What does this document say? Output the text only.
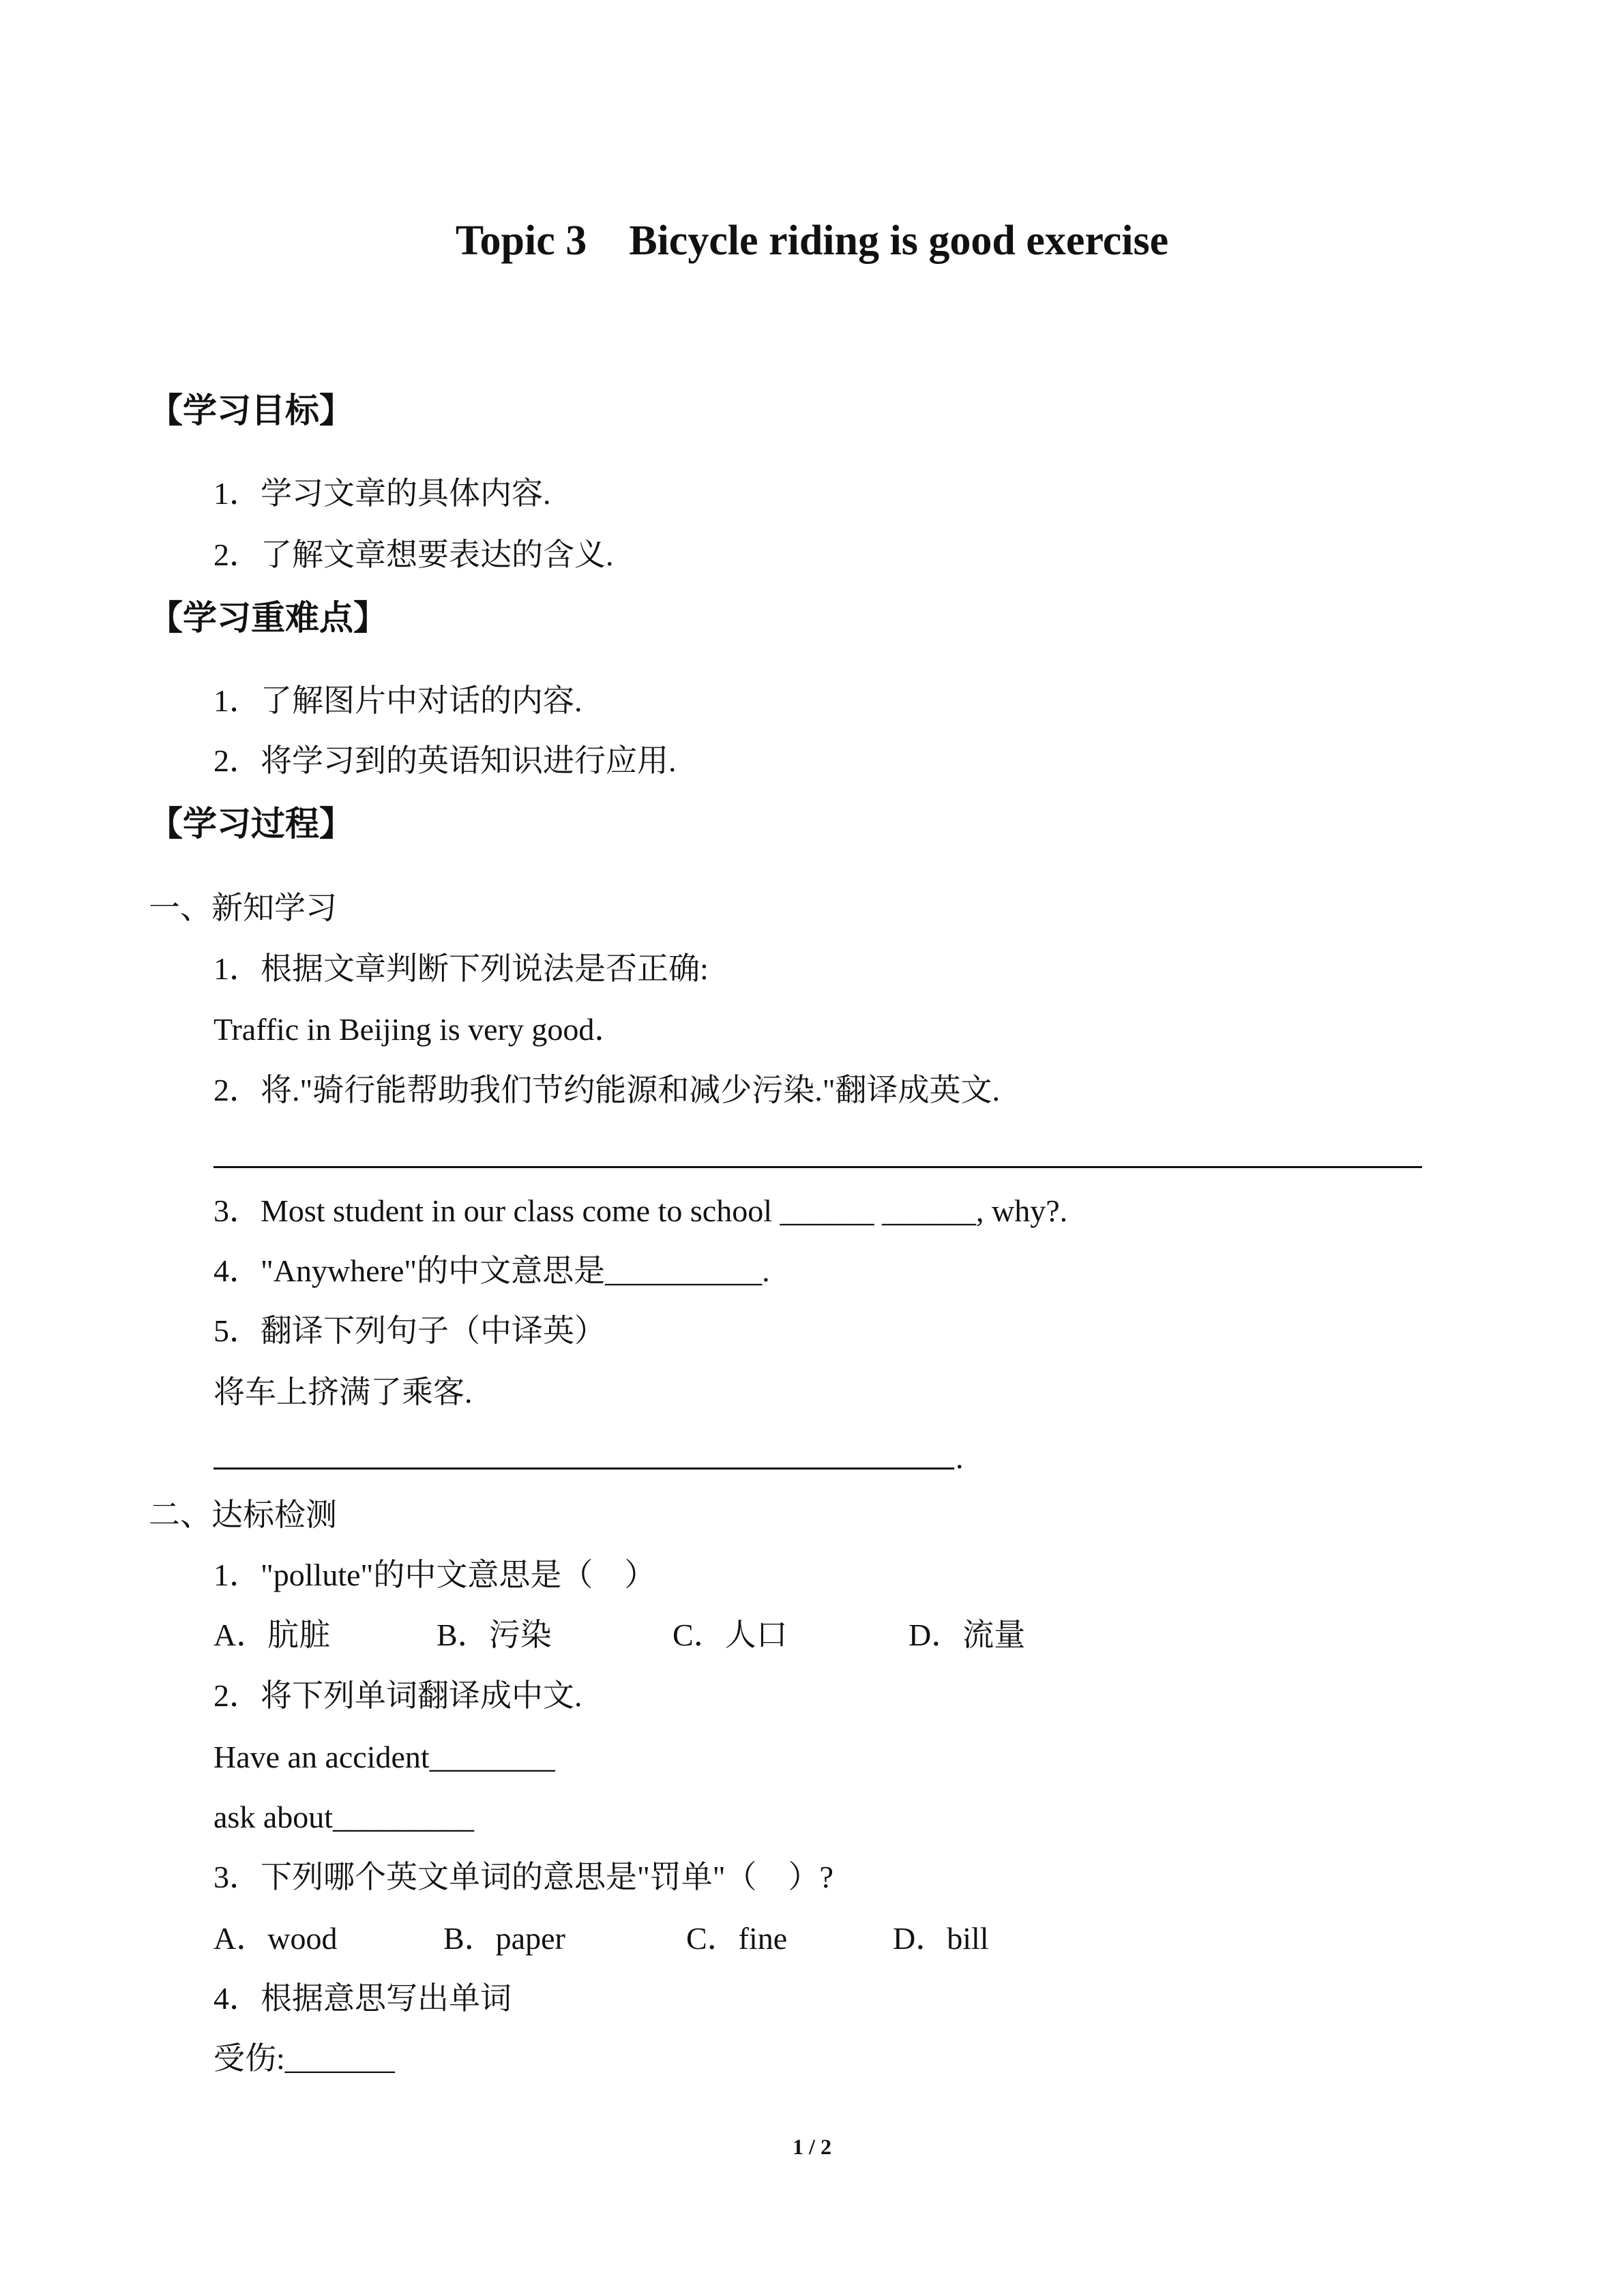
Topic 3    Bicycle riding is good exercise
【学习目标】
1．学习文章的具体内容.
2．了解文章想要表达的含义.
【学习重难点】
1．了解图片中对话的内容.
2．将学习到的英语知识进行应用.
【学习过程】
一、新知学习
1．根据文章判断下列说法是否正确:
Traffic in Beijing is very good．
2．将."骑行能帮助我们节约能源和减少污染."翻译成英文.
3．Most student in our class come to school ______ ______, why?.
4．"Anywhere"的中文意思是__________.
5．翻译下列句子（中译英）
将车上挤满了乘客.
.
二、达标检测
1．"pollute"的中文意思是（    ）

A．肮脏

	B．污染

	C．人口

	D．流量

2．将下列单词翻译成中文.
Have an accident________
ask about_________
3．下列哪个英文单词的意思是"罚单"（    ）?

A．wood

	B．paper

	C．fine

	D．bill

4．根据意思写出单词
受伤:_______
1 / 2
